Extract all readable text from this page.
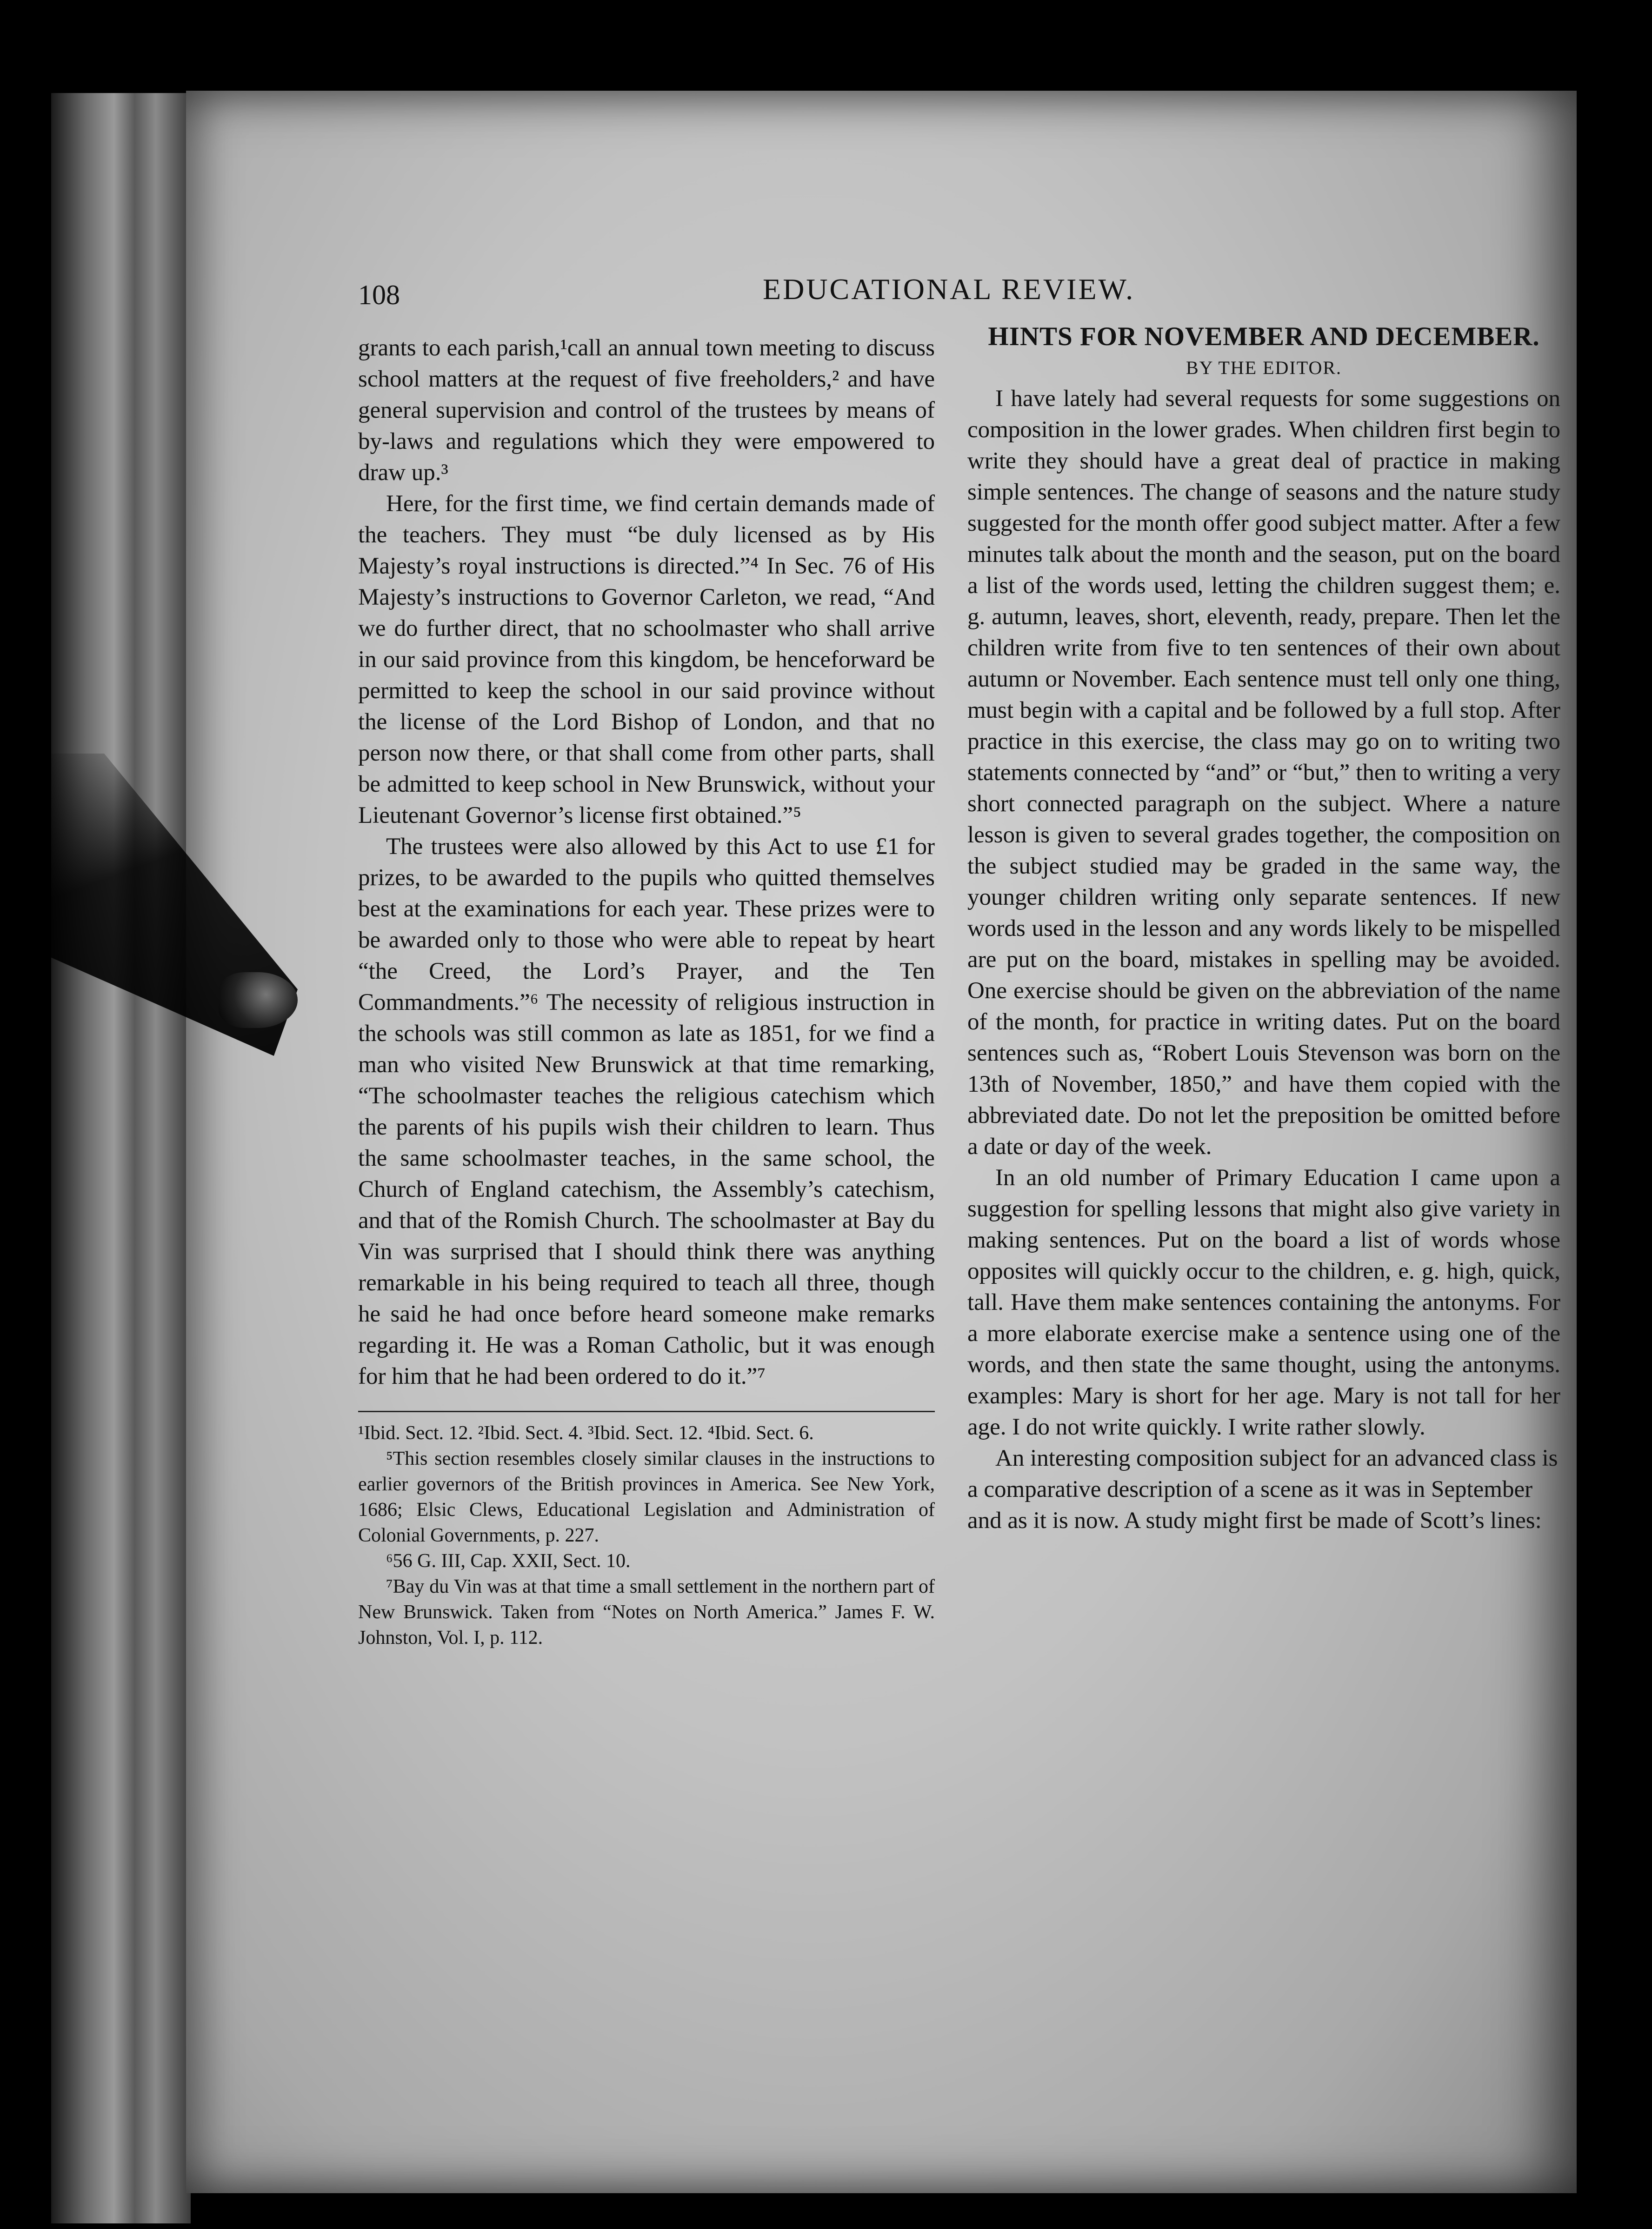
108	EDUCATIONAL REVIEW.

grants to each parish,¹call an annual town meeting to discuss school matters at the request of five freeholders,² and have general supervision and control of the trustees by means of by-laws and regulations which they were empowered to draw up.³

Here, for the first time, we find certain demands made of the teachers. They must “be duly licensed as by His Majesty’s royal instructions is directed.”⁴ In Sec. 76 of His Majesty’s instructions to Governor Carleton, we read, “And we do further direct, that no schoolmaster who shall arrive in our said province from this kingdom, be henceforward be permitted to keep the school in our said province without the license of the Lord Bishop of London, and that no person now there, or that shall come from other parts, shall be admitted to keep school in New Brunswick, without your Lieutenant Governor’s license first obtained.”⁵

The trustees were also allowed by this Act to use £1 for prizes, to be awarded to the pupils who quitted themselves best at the examinations for each year. These prizes were to be awarded only to those who were able to repeat by heart “the Creed, the Lord’s Prayer, and the Ten Commandments.”⁶ The necessity of religious instruction in the schools was still common as late as 1851, for we find a man who visited New Brunswick at that time remarking, “The schoolmaster teaches the religious catechism which the parents of his pupils wish their children to learn. Thus the same schoolmaster teaches, in the same school, the Church of England catechism, the Assembly’s catechism, and that of the Romish Church. The schoolmaster at Bay du Vin was surprised that I should think there was anything remarkable in his being required to teach all three, though he said he had once before heard someone make remarks regarding it. He was a Roman Catholic, but it was enough for him that he had been ordered to do it.”⁷

¹Ibid. Sect. 12. ²Ibid. Sect. 4. ³Ibid. Sect. 12. ⁴Ibid. Sect. 6.

⁵This section resembles closely similar clauses in the instructions to earlier governors of the British provinces in America. See New York, 1686; Elsic Clews, Educational Legislation and Administration of Colonial Governments, p. 227.

⁶56 G. III, Cap. XXII, Sect. 10.

⁷Bay du Vin was at that time a small settlement in the northern part of New Brunswick. Taken from “Notes on North America.” James F. W. Johnston, Vol. I, p. 112.

HINTS FOR NOVEMBER AND DECEMBER.

BY THE EDITOR.

I have lately had several requests for some suggestions on composition in the lower grades. When children first begin to write they should have a great deal of practice in making simple sentences. The change of seasons and the nature study suggested for the month offer good subject matter. After a few minutes talk about the month and the season, put on the board a list of the words used, letting the children suggest them; e. g. autumn, leaves, short, eleventh, ready, prepare. Then let the children write from five to ten sentences of their own about autumn or November. Each sentence must tell only one thing, must begin with a capital and be followed by a full stop. After practice in this exercise, the class may go on to writing two statements connected by “and” or “but,” then to writing a very short connected paragraph on the subject. Where a nature lesson is given to several grades together, the composition on the subject studied may be graded in the same way, the younger children writing only separate sentences. If new words used in the lesson and any words likely to be mispelled are put on the board, mistakes in spelling may be avoided. One exercise should be given on the abbreviation of the name of the month, for practice in writing dates. Put on the board sentences such as, “Robert Louis Stevenson was born on the 13th of November, 1850,” and have them copied with the abbreviated date. Do not let the preposition be omitted before a date or day of the week.

In an old number of Primary Education I came upon a suggestion for spelling lessons that might also give variety in making sentences. Put on the board a list of words whose opposites will quickly occur to the children, e. g. high, quick, tall. Have them make sentences containing the antonyms. For a more elaborate exercise make a sentence using one of the words, and then state the same thought, using the antonyms. examples: Mary is short for her age. Mary is not tall for her age. I do not write quickly. I write rather slowly.

An interesting composition subject for an advanced class is a comparative description of a scene as it was in September and as it is now. A study might first be made of Scott’s lines:
